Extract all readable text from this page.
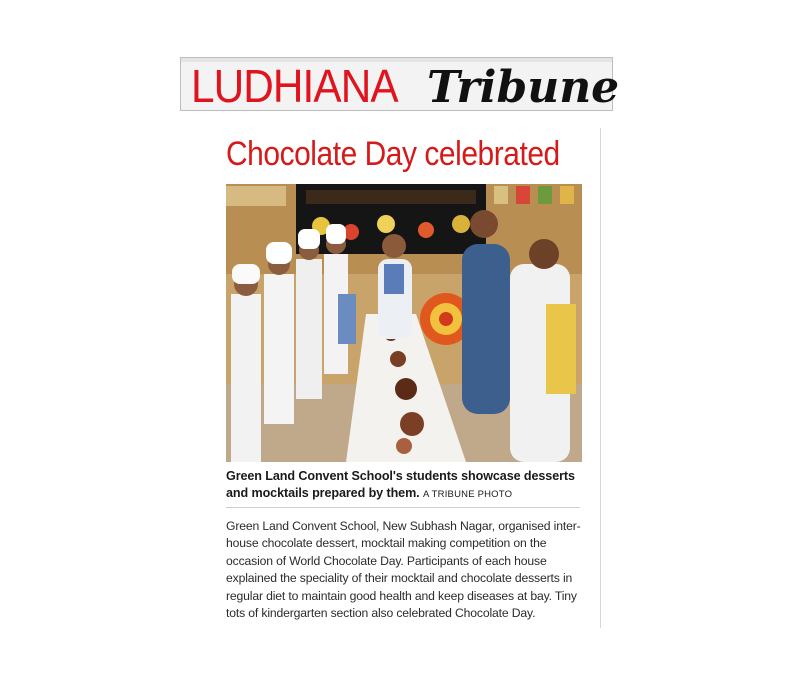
LUDHIANA Tribune
Chocolate Day celebrated
Green Land Convent School's students showcase desserts and mocktails prepared by them. A TRIBUNE PHOTO
Green Land Convent School, New Subhash Nagar, organised inter-house chocolate dessert, mocktail making competition on the occasion of World Chocolate Day. Participants of each house explained the speciality of their mocktail and chocolate desserts in regular diet to maintain good health and keep diseases at bay. Tiny tots of kindergarten section also celebrated Chocolate Day.
